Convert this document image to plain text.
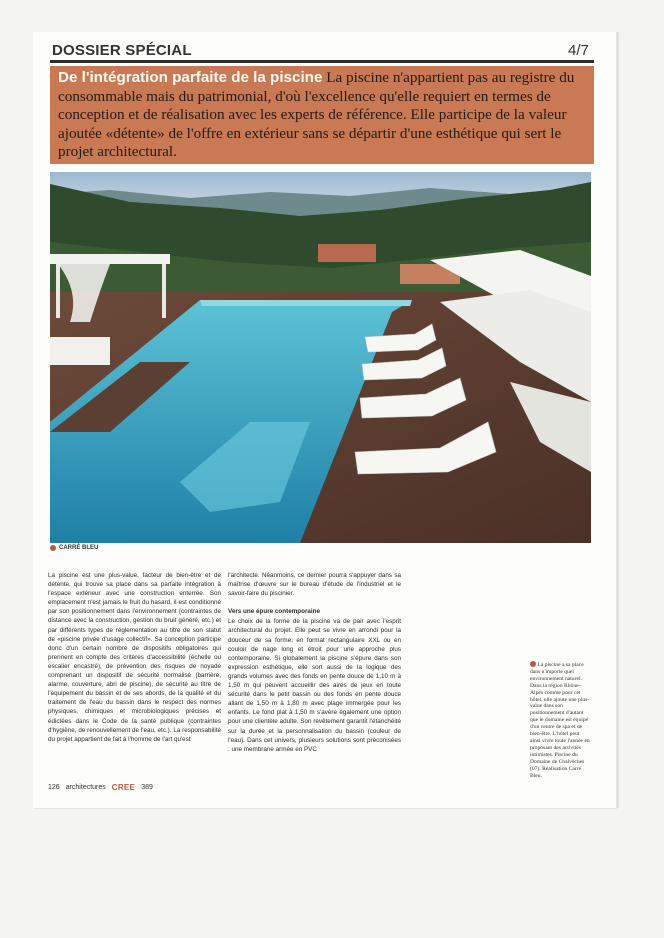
DOSSIER SPÉCIAL	4/7

De l'intégration parfaite de la piscine La piscine n'appartient pas au registre du consommable mais du patrimonial, d'où l'excellence qu'elle requiert en termes de conception et de réalisation avec les experts de référence. Elle participe de la valeur ajoutée «détente» de l'offre en extérieur sans se départir d'une esthétique qui sert le projet architectural.

CARRÉ BLEU
La piscine est une plus-value, facteur de bien-être et de détente, qui trouve sa place dans sa parfaite intégration à l'espace extérieur avec une construction enterrée. Son emplacement n'est jamais le fruit du hasard, il est conditionné par son positionnement dans l'environnement (contraintes de distance avec la construction, gestion du bruit généré, etc.) et par différents types de réglementation au titre de son statut de «piscine privée d'usage collectif». Sa conception participe donc d'un certain nombre de dispositifs obligatoires qui prennent en compte des critères d'accessibilité (échelle ou escalier encastré), de prévention des risques de noyade comprenant un dispositif de sécurité normalisé (barrière, alarme, couverture, abri de piscine), de sécurité au titre de l'équipement du bassin et de ses abords, de la qualité et du traitement de l'eau du bassin dans le respect des normes physiques, chimiques et microbiologiques précises et édictées dans le Code de la santé publique (contraintes d'hygiène, de renouvellement de l'eau, etc.). La responsabilité du projet appartient de fait à l'homme de l'art qu'est
l'architecte. Néanmoins, ce dernier pourra s'appuyer dans sa maîtrise d'œuvre sur le bureau d'étude de l'industriel et le savoir-faire du piscinier.
Vers une épure contemporaine
Le choix de la forme de la piscine va de pair avec l'esprit architectural du projet. Elle peut se vivre en arrondi pour la douceur de sa forme, en format rectangulaire XXL ou en couloir de nage long et étroit pour une approche plus contemporaine. Si globalement la piscine s'épure dans son expression esthétique, elle sort aussi de la logique des grands volumes avec des fonds en pente douce de 1,10 m à 1,50 m qui peuvent accueillir des aires de jeux en toute sécurité dans le petit bassin ou des fonds en pente douce allant de 1,50 m à 1,80 m avec plage immergée pour les enfants. Le fond plat à 1,50 m s'avère également une option pour une clientèle adulte. Son revêtement garantit l'étanchéité sur la durée et la personnalisation du bassin (couleur de l'eau). Dans cet univers, plusieurs solutions sont préconisées : une membrane armée en PVC
La piscine a sa place dans n'importe quel environnement naturel. Dans la région Rhône-Alpes comme pour cet hôtel, elle ajoute une plus-value dans son positionnement d'autant que le domaine est équipé d'un centre de spa et de bien-être. L'hôtel peut ainsi vivre toute l'année en proposant des activités intimistes. Piscine du Domaine de Chalvèches (07). Réalisation Carré Bleu.
126 architectures CREE 389
